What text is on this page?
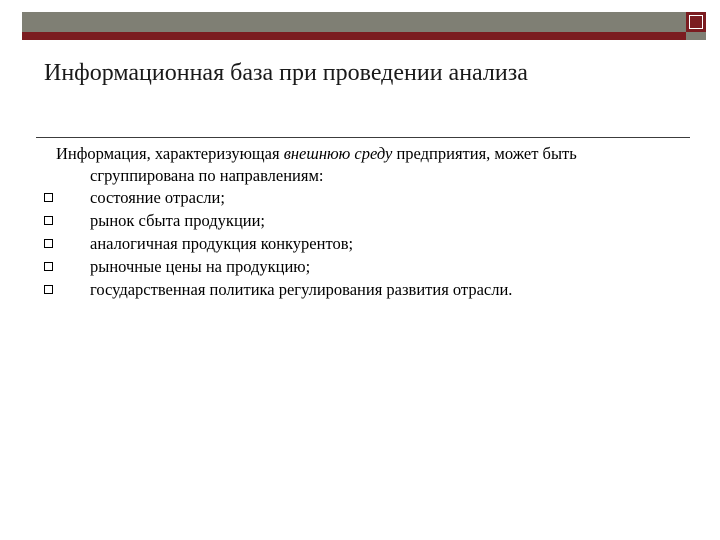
Информационная база при проведении анализа

Информация, характеризующая внешнюю среду предприятия, может быть сгруппирована по направлениям:

состояние отрасли;
рынок сбыта продукции;
аналогичная продукция конкурентов;
рыночные цены на продукцию;
государственная политика регулирования развития отрасли.
